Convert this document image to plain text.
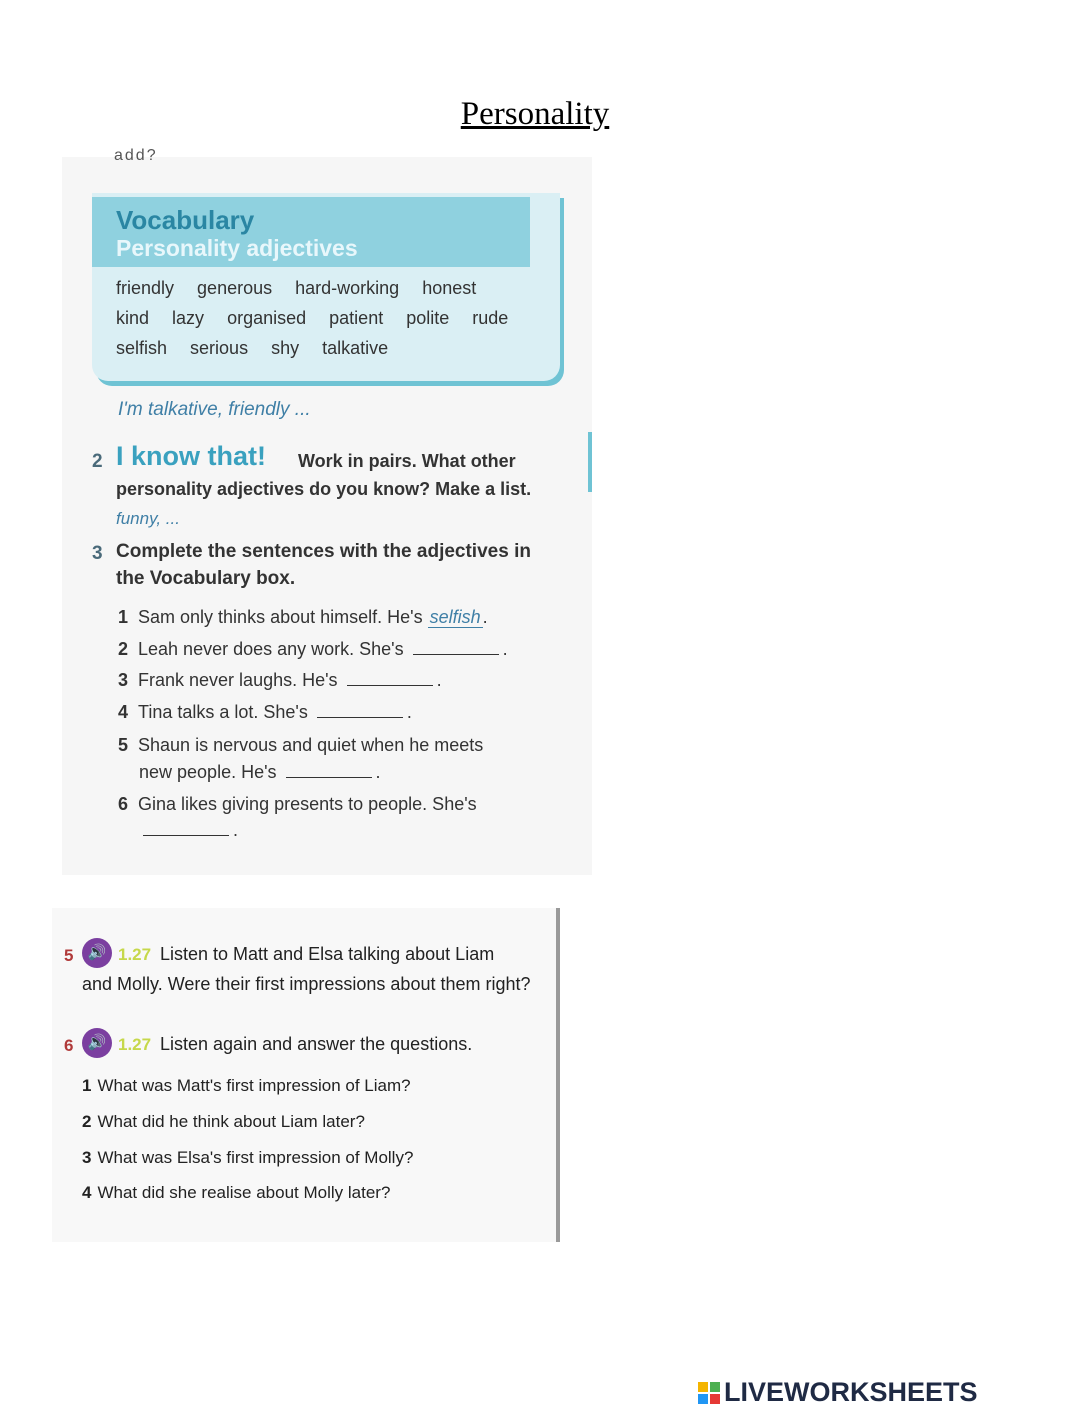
Personality
add?
Vocabulary
Personality adjectives
friendly generous hard-working honest
kind lazy organised patient polite rude
selfish serious shy talkative
I'm talkative, friendly ...
2 I know that! Work in pairs. What other
personality adjectives do you know? Make a list.
funny, ...
3 Complete the sentences with the adjectives in
the Vocabulary box.
1 Sam only thinks about himself. He's selfish .
2 Leah never does any work. She's	.
3 Frank never laughs. He's	.
4 Tina talks a lot. She's	.
5 Shaun is nervous and quiet when he meets
new people. He's	.
6 Gina likes giving presents to people. She's
.
5 🔊 1.27 Listen to Matt and Elsa talking about Liam
and Molly. Were their first impressions about them right?
6 🔊 1.27 Listen again and answer the questions.
1 What was Matt's first impression of Liam?
2 What did he think about Liam later?
3 What was Elsa's first impression of Molly?
4 What did she realise about Molly later?
LIVEWORKSHEETS
